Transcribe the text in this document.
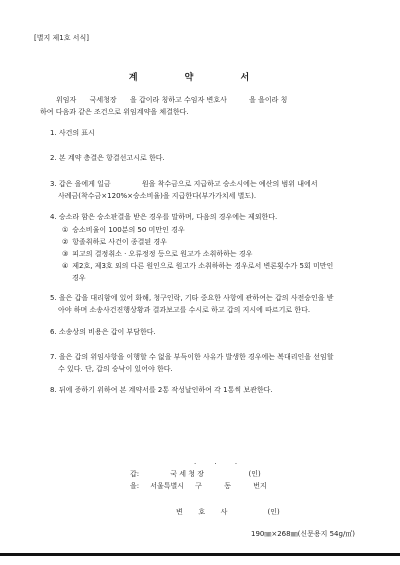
[별지 제1호 서식]
계 약 서
위임자      국세청장      을 갑이라 칭하고 수임자 변호사          을 을이라 칭
하여 다음과 같은 조건으로 위임계약을 체결한다.
1. 사건의 표시
2. 본 계약 층결은 항결선고시로 한다.
3. 갑은 을에게 일금              원을 착수금으로 지급하고 승소시에는 예산의 범위 내에서
사례금(착수금×120%×승소비율)을 지급한다(부가가치세 별도).
4. 승소라 함은 승소판결을 받은 경우를 말하며, 다음의 경우에는 제외한다.
① 승소비율이 100분의 50 미만인 경우
② 항졸취하로 사건이 종결된 경우
③ 피고의 결정취소 · 오류정정 등으로 원고가 소취하하는 경우
④ 제2호, 제3호 외의 다른 원인으로 원고가 소취하하는 경우로서 변론횟수가 5회 미만인
경우
5. 을은 갑을 대리함에 있어 화해, 청구인락, 기타 중요한 사항에 관하여는 갑의 사전승인을 받
아야 하며 소송사건진행상황과 결과보고를 수시로 하고 갑의 지시에 따르기로 한다.
6. 소송상의 비용은 갑이 부담한다.
7. 을은 갑의 위임사항을 이행할 수 없을 부득이한 사유가 발생한 경우에는 복대리인을 선임할
수 있다. 단, 갑의 승낙이 있어야 한다.
8. 뒤에 증하기 위하여 본 계약서를 2통 작성날인하여 각 1통씩 보관한다.
. . .
갑:              국 세 청 장                    (인)
을:     서울특별시     구          동          번지
변       호       사                  (인)
190㎜×268㎜(신문용지 54g/㎡)
